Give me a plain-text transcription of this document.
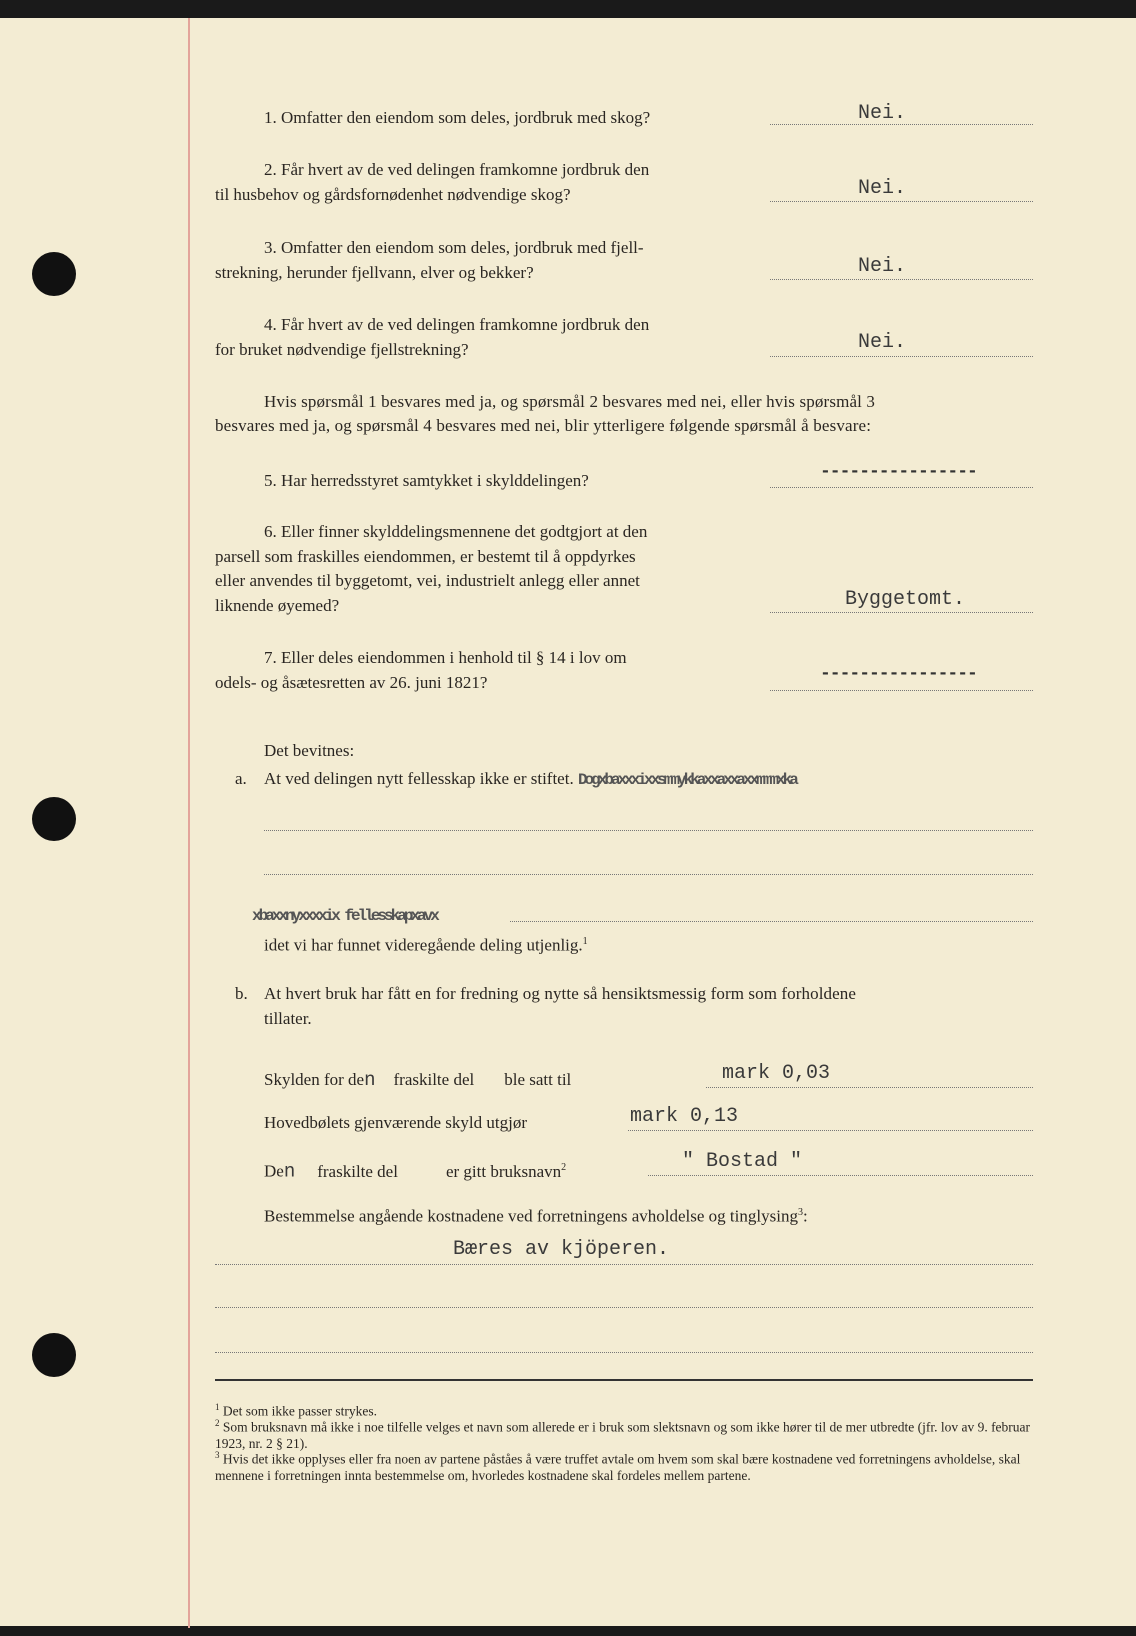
1. Omfatter den eiendom som deles, jordbruk med skog?	Nei.
2. Får hvert av de ved delingen framkomne jordbruk den
til husbehov og gårdsfornødenhet nødvendige skog?	Nei.
3. Omfatter den eiendom som deles, jordbruk med fjell-
strekning, herunder fjellvann, elver og bekker?	Nei.
4. Får hvert av de ved delingen framkomne jordbruk den
for bruket nødvendige fjellstrekning?	Nei.
Hvis spørsmål 1 besvares med ja, og spørsmål 2 besvares med nei, eller hvis spørsmål 3
besvares med ja, og spørsmål 4 besvares med nei, blir ytterligere følgende spørsmål å besvare:
5. Har herredsstyret samtykket i skylddelingen?	----------------
6. Eller finner skylddelingsmennene det godtgjort at den
parsell som fraskilles eiendommen, er bestemt til å oppdyrkes
eller anvendes til byggetomt, vei, industrielt anlegg eller annet
liknende øyemed?	Byggetomt.
7. Eller deles eiendommen i henhold til § 14 i lov om
odels- og åsætesretten av 26. juni 1821?	----------------
Det bevitnes:
a. At ved delingen nytt fellesskap ikke er stiftet. Dogxbaxxxixxsmmykkaxxaxxaxxmmmxka
xbaxxnyxxxxix fellesskapxavx
idet vi har funnet videregående deling utjenlig.$^1$
b. At hvert bruk har fått en for fredning og nytte så hensiktsmessig form som forholdene
tillater.
Skylden for den fraskilte del ble satt til	mark 0,03
Hovedbølets gjenværende skyld utgjør	mark 0,13
Den fraskilte del	er gitt bruksnavn$^2$	" Bostad "
Bestemmelse angående kostnadene ved forretningens avholdelse og tinglysing$^3$:
Bæres av kjöperen.
$^1$ Det som ikke passer strykes.
$^2$ Som bruksnavn må ikke i noe tilfelle velges et navn som allerede er i bruk som slektsnavn og som ikke hører til de mer utbredte (jfr. lov av 9. februar 1923, nr. 2 § 21).
$^3$ Hvis det ikke opplyses eller fra noen av partene påståes å være truffet avtale om hvem som skal bære kostnadene ved forretningens avholdelse, skal mennene i forretningen innta bestemmelse om, hvorledes kostnadene skal fordeles mellem partene.
